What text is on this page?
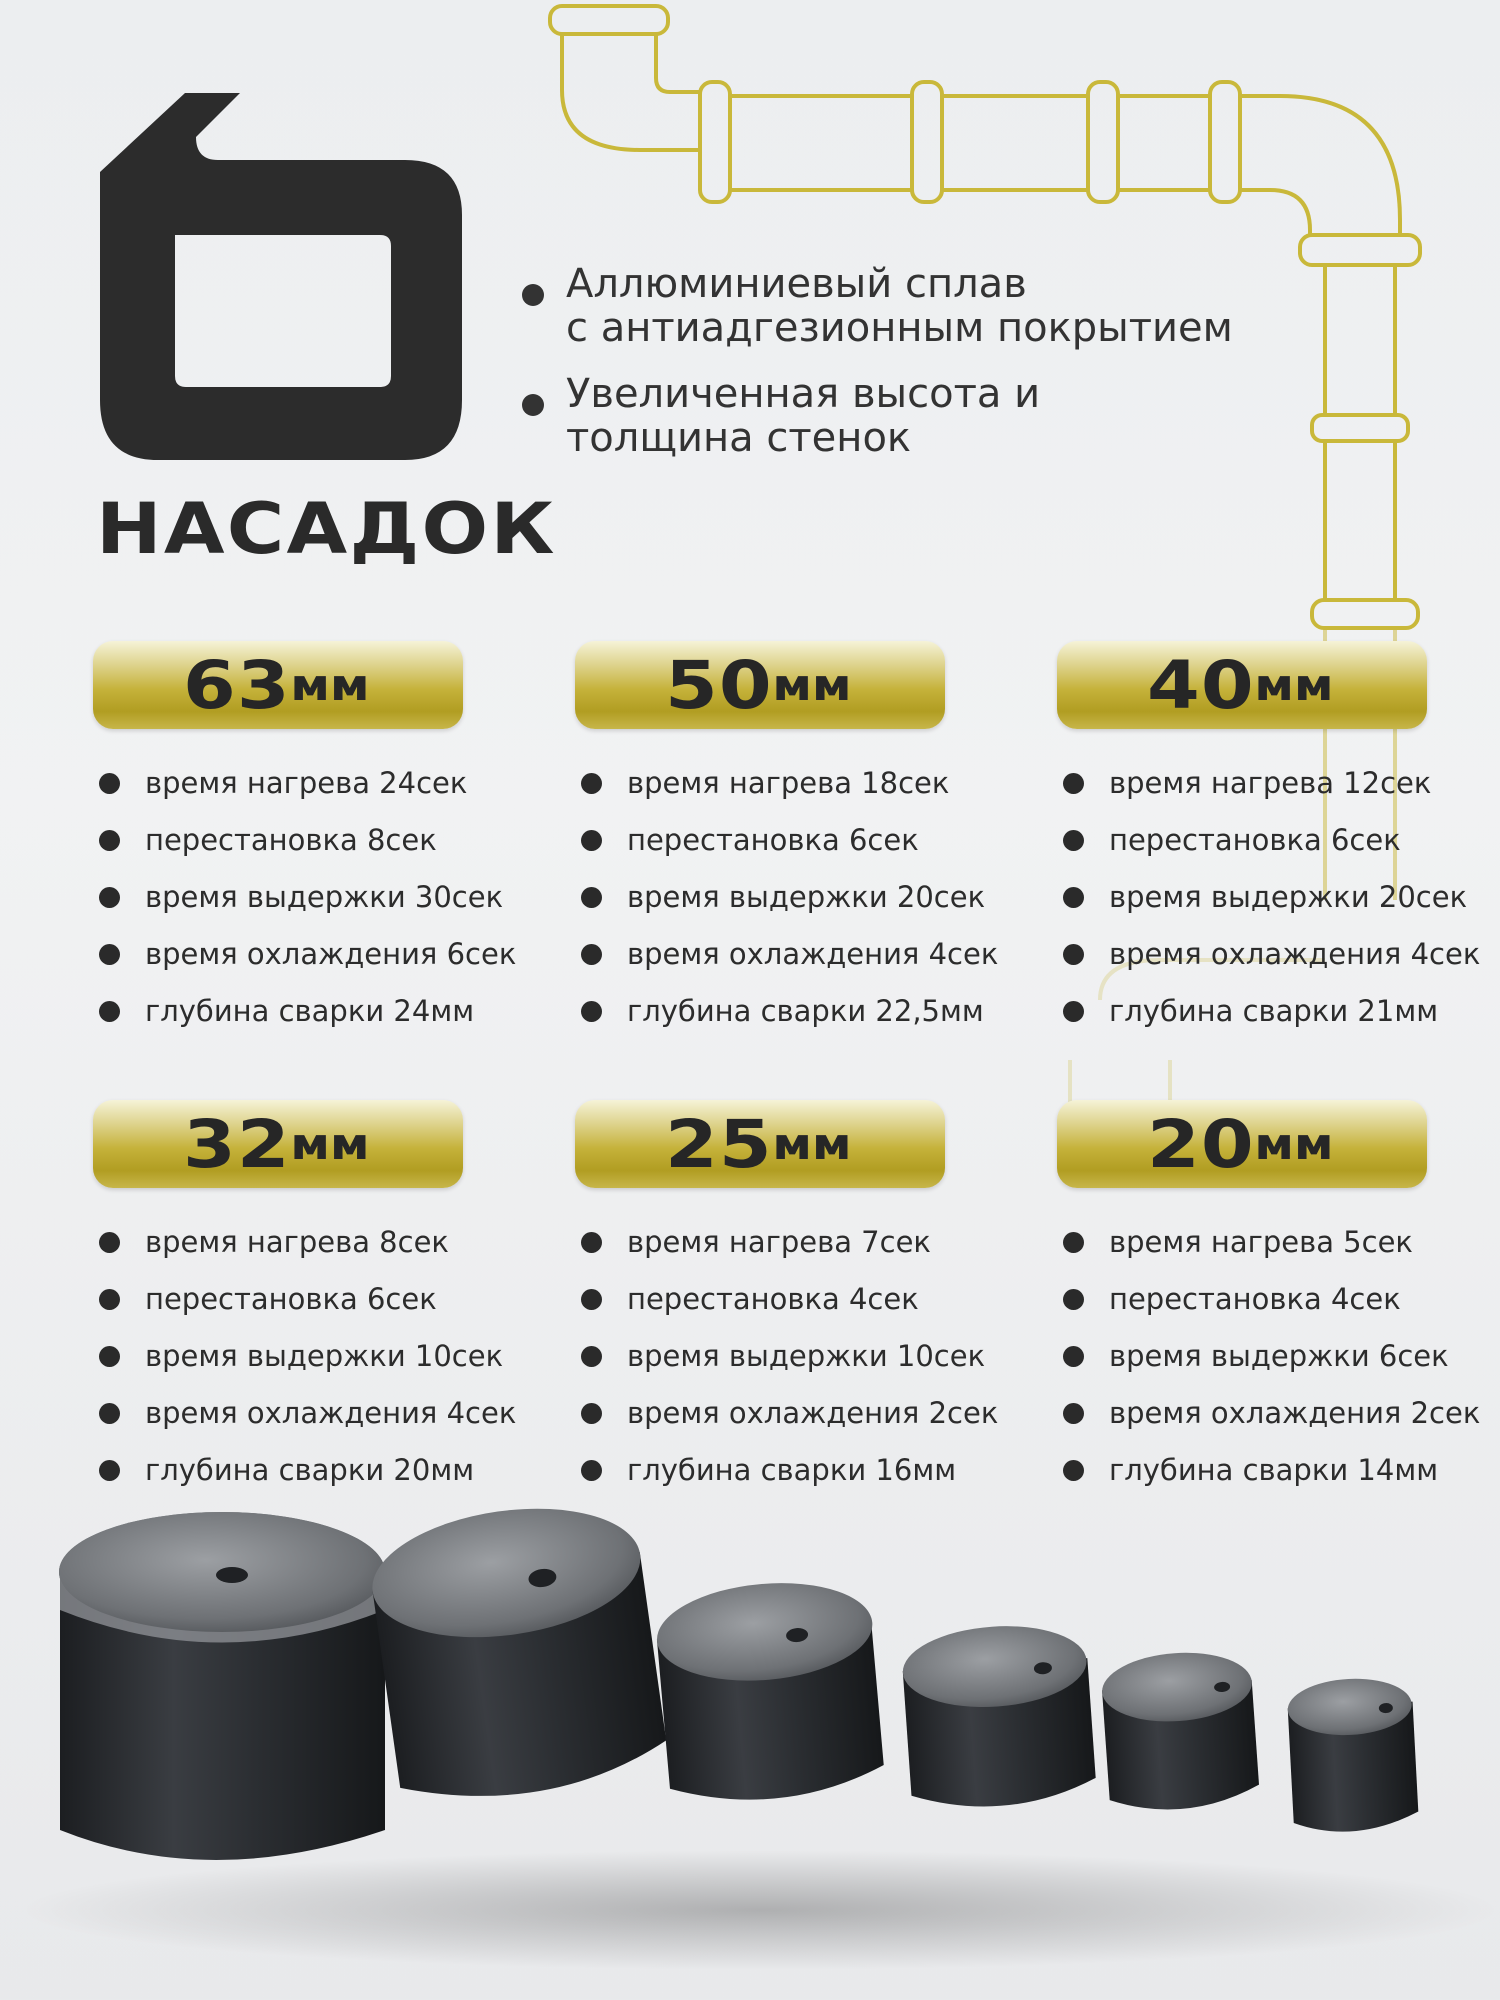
НАСАДОК
Аллюминиевый сплав
с антиадгезионным покрытием
Увеличенная высота и
толщина стенок
63 мм
время нагрева 24сек
перестановка 8сек
время выдержки 30сек
время охлаждения 6сек
глубина сварки 24мм
50 мм
время нагрева 18сек
перестановка 6сек
время выдержки 20сек
время охлаждения 4сек
глубина сварки 22,5мм
40 мм
время нагрева 12сек
перестановка 6сек
время выдержки 20сек
время охлаждения 4сек
глубина сварки 21мм
32 мм
время нагрева 8сек
перестановка 6сек
время выдержки 10сек
время охлаждения 4сек
глубина сварки 20мм
25 мм
время нагрева 7сек
перестановка 4сек
время выдержки 10сек
время охлаждения 2сек
глубина сварки 16мм
20 мм
время нагрева 5сек
перестановка 4сек
время выдержки 6сек
время охлаждения 2сек
глубина сварки 14мм
